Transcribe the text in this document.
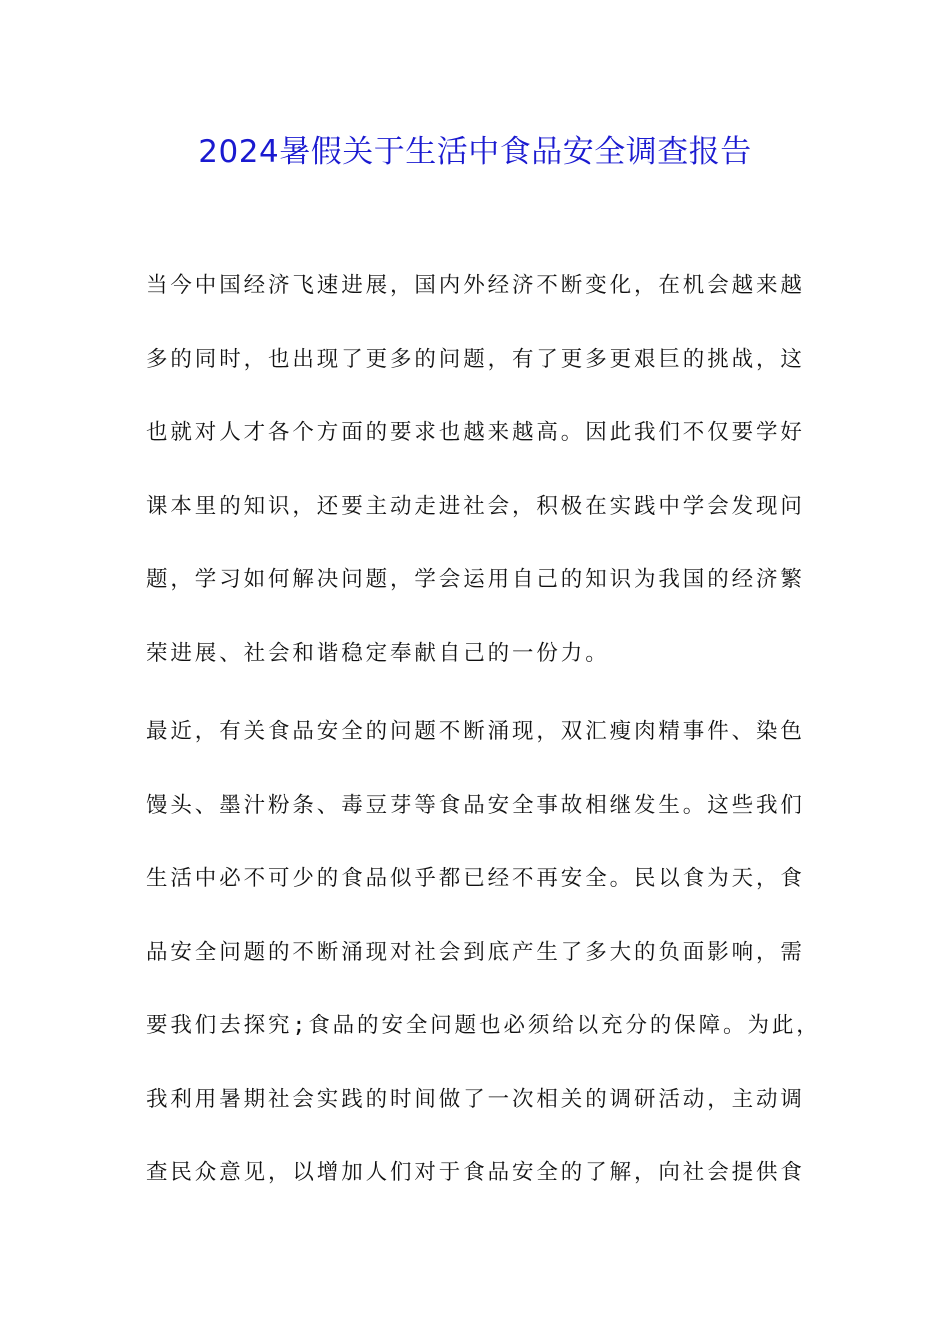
2024暑假关于生活中食品安全调查报告
当今中国经济飞速进展，国内外经济不断变化，在机会越来越
多的同时，也出现了更多的问题，有了更多更艰巨的挑战，这
也就对人才各个方面的要求也越来越高。因此我们不仅要学好
课本里的知识，还要主动走进社会，积极在实践中学会发现问
题，学习如何解决问题，学会运用自己的知识为我国的经济繁
荣进展、社会和谐稳定奉献自己的一份力。
最近，有关食品安全的问题不断涌现，双汇瘦肉精事件、染色
馒头、墨汁粉条、毒豆芽等食品安全事故相继发生。这些我们
生活中必不可少的食品似乎都已经不再安全。民以食为天，食
品安全问题的不断涌现对社会到底产生了多大的负面影响，需
要我们去探究;食品的安全问题也必须给以充分的保障。为此，
我利用暑期社会实践的时间做了一次相关的调研活动，主动调
查民众意见，以增加人们对于食品安全的了解，向社会提供食
